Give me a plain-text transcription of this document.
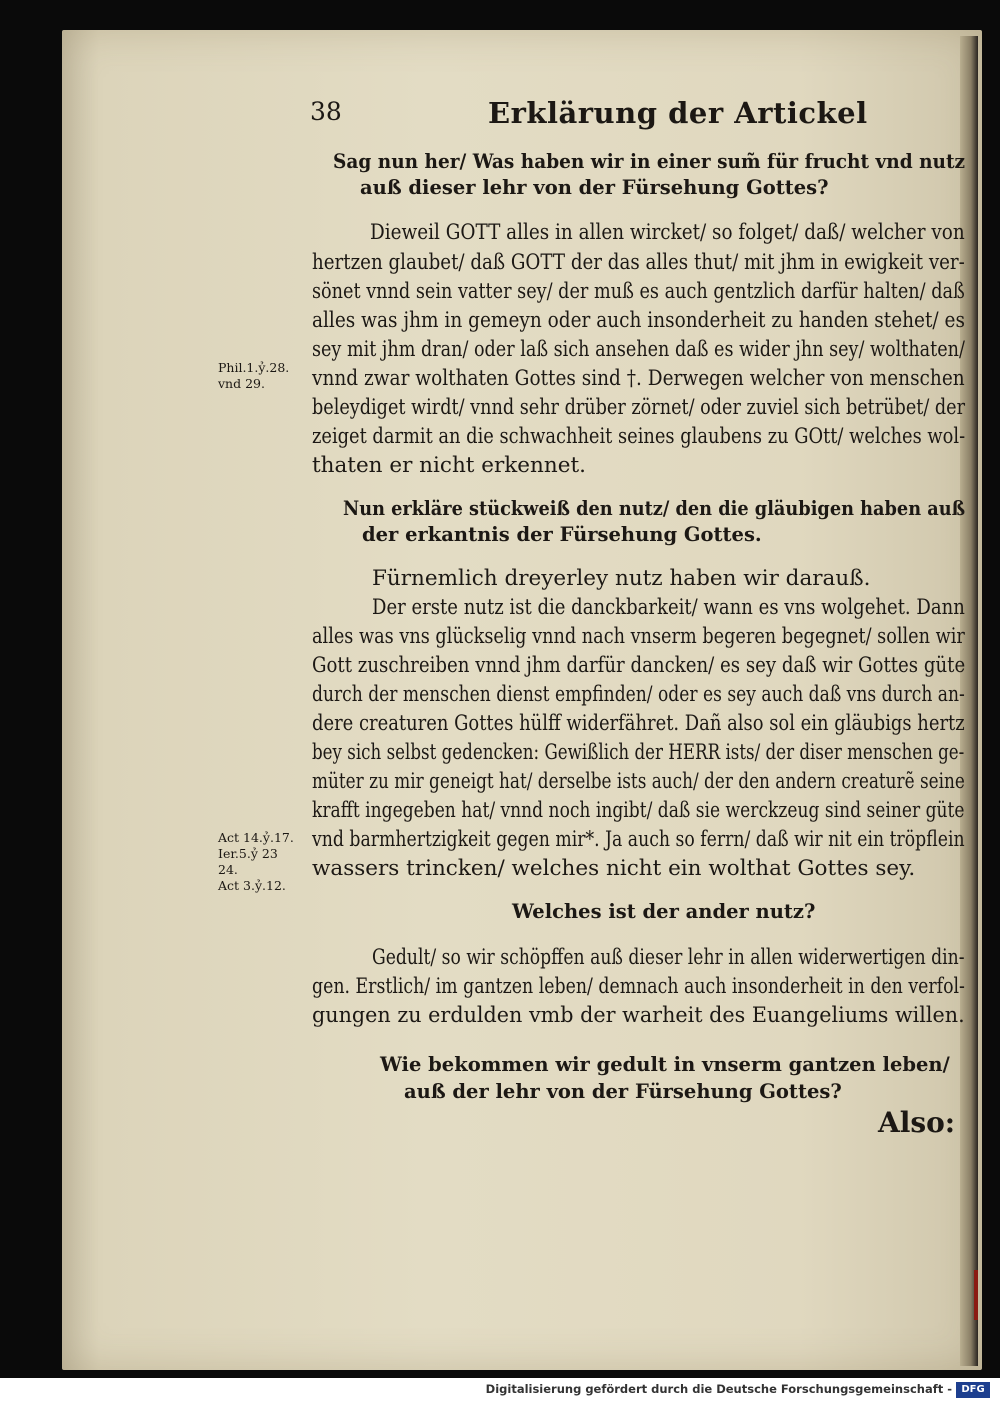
38	Erklärung der Artickel
Sag nun her/ Was haben wir in einer sum̃ für frucht vnd nutz
auß dieser lehr von der Fürsehung Gottes?
Dieweil GOTT alles in allen wircket/ so folget/ daß/ welcher von
hertzen glaubet/ daß GOTT der das alles thut/ mit jhm in ewigkeit ver-
sönet vnnd sein vatter sey/ der muß es auch gentzlich darfür halten/ daß
alles was jhm in gemeyn oder auch insonderheit zu handen stehet/ es
sey mit jhm dran/ oder laß sich ansehen daß es wider jhn sey/ wolthaten/
vnnd zwar wolthaten Gottes sind †. Derwegen welcher von menschen
beleydiget wirdt/ vnnd sehr drüber zörnet/ oder zuviel sich betrübet/ der
zeiget darmit an die schwachheit seines glaubens zu GOtt/ welches wol-
thaten er nicht erkennet.
Nun erkläre stückweiß den nutz/ den die gläubigen haben auß
der erkantnis der Fürsehung Gottes.
Fürnemlich dreyerley nutz haben wir darauß.
Der erste nutz ist die danckbarkeit/ wann es vns wolgehet. Dann
alles was vns glückselig vnnd nach vnserm begeren begegnet/ sollen wir
Gott zuschreiben vnnd jhm darfür dancken/ es sey daß wir Gottes güte
durch der menschen dienst empfinden/ oder es sey auch daß vns durch an-
dere creaturen Gottes hülff widerfähret. Dañ also sol ein gläubigs hertz
bey sich selbst gedencken: Gewißlich der HERR ists/ der diser menschen ge-
müter zu mir geneigt hat/ derselbe ists auch/ der den andern creaturẽ seine
krafft ingegeben hat/ vnnd noch ingibt/ daß sie werckzeug sind seiner güte
vnd barmhertzigkeit gegen mir*. Ja auch so ferrn/ daß wir nit ein tröpflein
wassers trincken/ welches nicht ein wolthat Gottes sey.
Welches ist der ander nutz?
Gedult/ so wir schöpffen auß dieser lehr in allen widerwertigen din-
gen. Erstlich/ im gantzen leben/ demnach auch insonderheit in den verfol-
gungen zu erdulden vmb der warheit des Euangeliums willen.
Wie bekommen wir gedult in vnserm gantzen leben/
auß der lehr von der Fürsehung Gottes?
Also:
Phil.1.ỷ.28.
vnd 29.
Act 14.ỷ.17.
Ier.5.ỷ 23
24.
Act 3.ỷ.12.
Digitalisierung gefördert durch die Deutsche Forschungsgemeinschaft - DFG
